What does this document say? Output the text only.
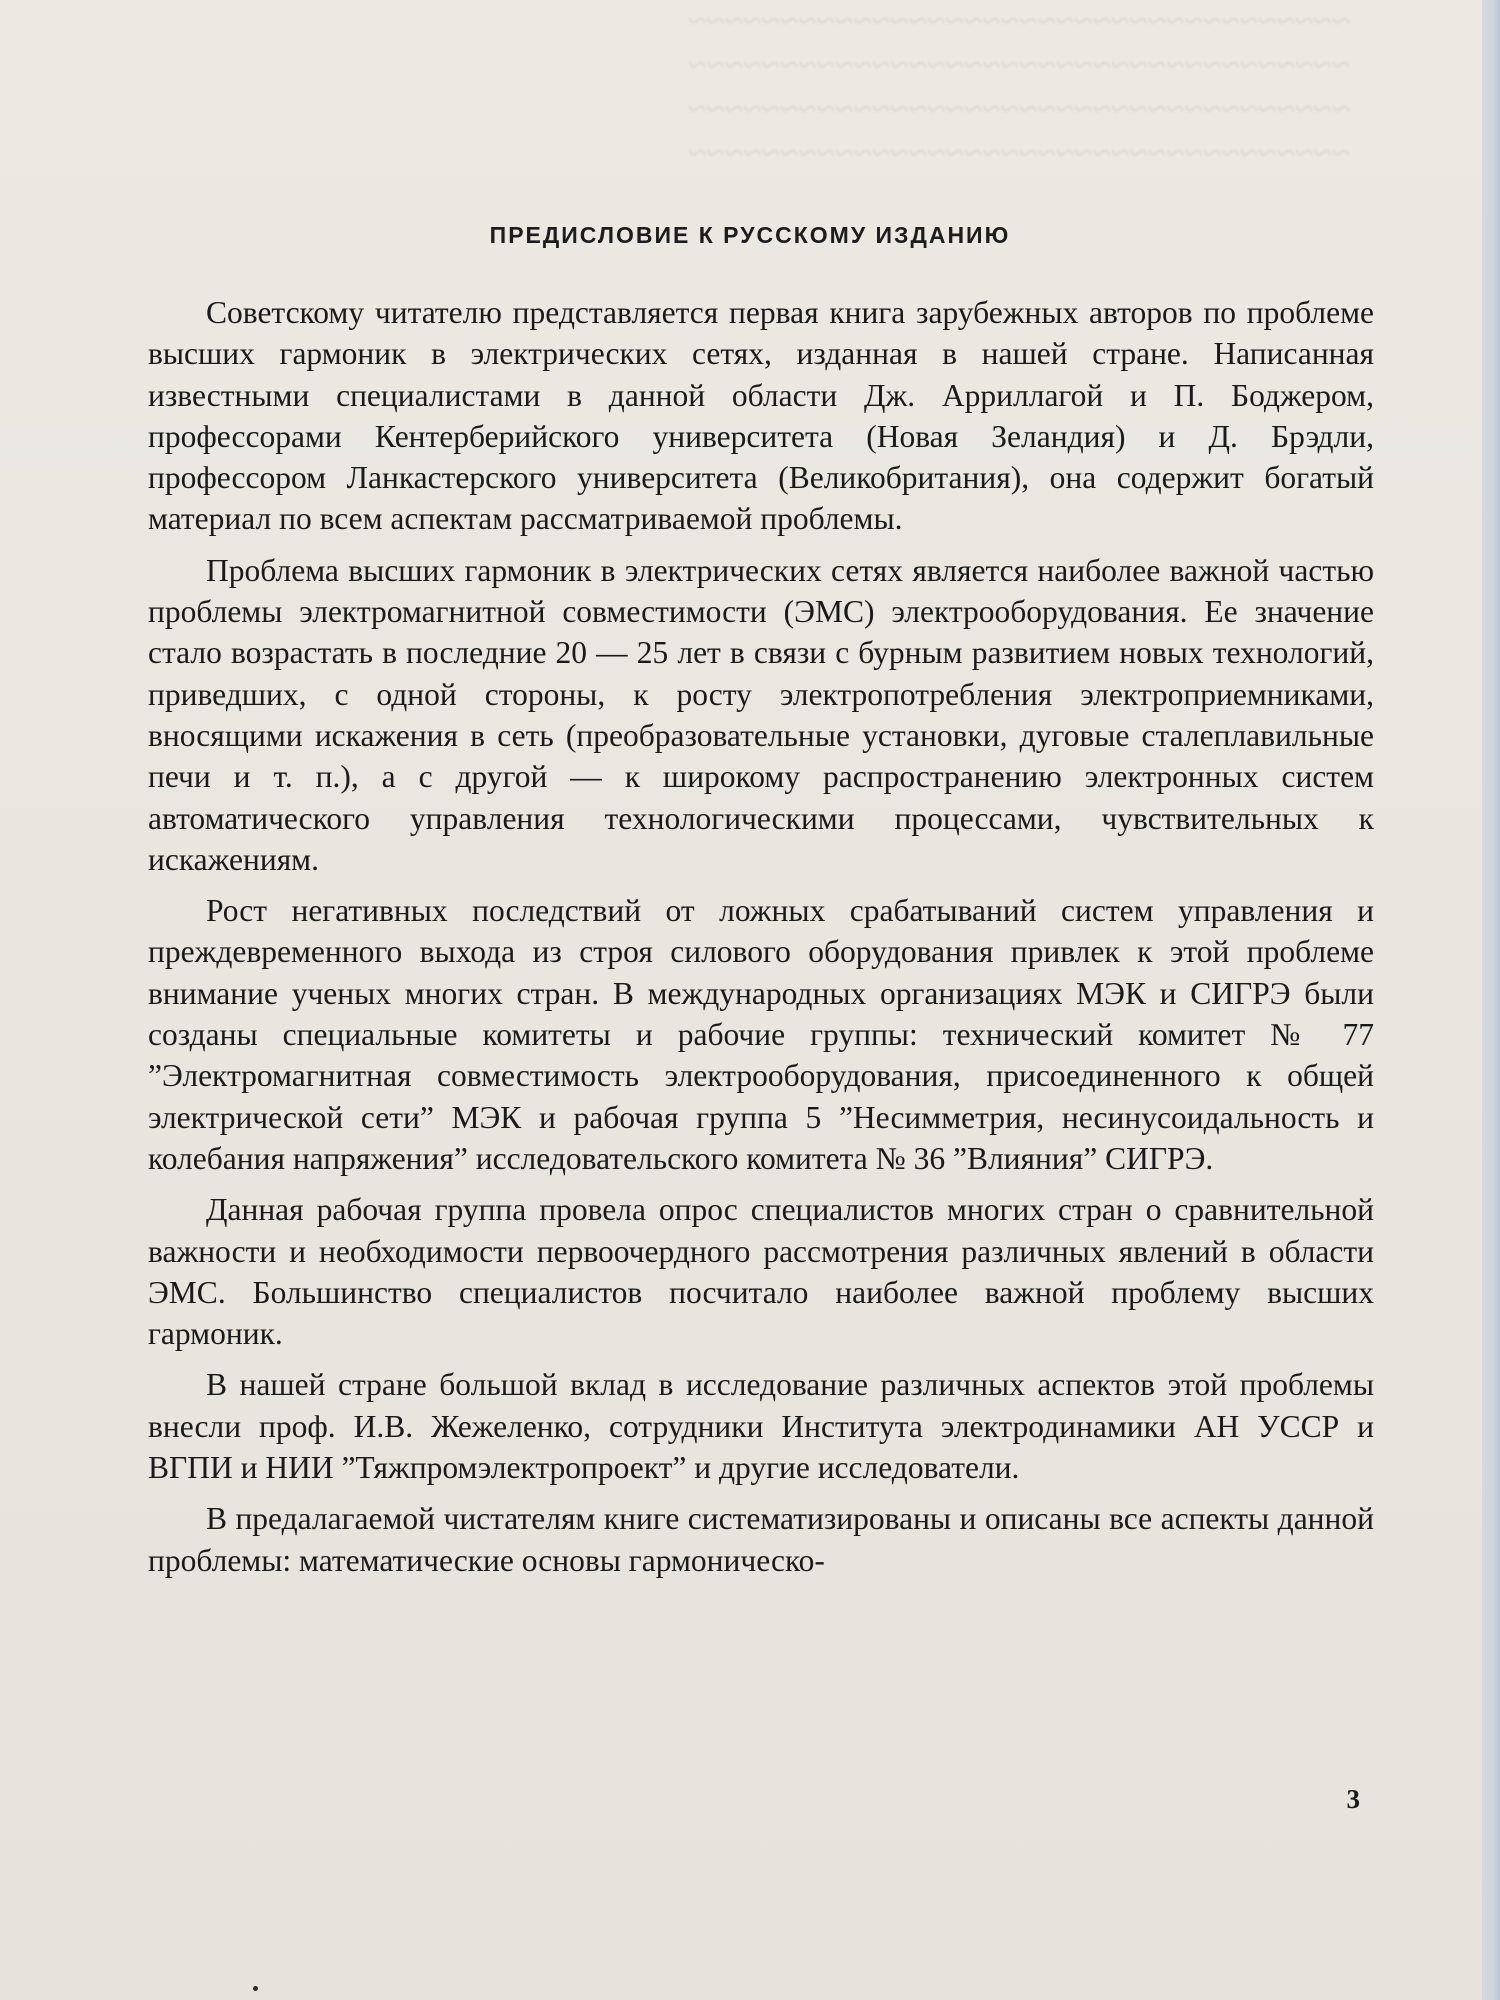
~~~~~~~~~~~~~~~~~~~~~~~~~~~~~~~~~~~~
~~~~~~~~~~~~~~~~~~~~~~~~~~~~~~~~~~~~
~~~~~~~~~~~~~~~~~~~~~~~~~~~~~~~~~~~~
~~~~~~~~~~~~~~~~~~~~~~~~~~~~~~~~~~~~
ПРЕДИСЛОВИЕ К РУССКОМУ ИЗДАНИЮ

Советскому читателю представляется первая книга зарубежных авторов по проблеме высших гармоник в электрических сетях, изданная в нашей стране. Написанная известными специалистами в данной области Дж. Арриллагой и П. Боджером, профессорами Кентерберийского университета (Новая Зеландия) и Д. Брэдли, профессором Ланкастерского университета (Великобритания), она содержит богатый материал по всем аспектам рассматриваемой проблемы.

Проблема высших гармоник в электрических сетях является наиболее важной частью проблемы электромагнитной совместимости (ЭМС) электрооборудования. Ее значение стало возрастать в последние 20 — 25 лет в связи с бурным развитием новых технологий, приведших, с одной стороны, к росту электропотребления электроприемниками, вносящими искажения в сеть (преобразовательные установки, дуговые сталеплавильные печи и т. п.), а с другой — к широкому распространению электронных систем автоматического управления технологическими процессами, чувствительных к искажениям.

Рост негативных последствий от ложных срабатываний систем управления и преждевременного выхода из строя силового оборудования привлек к этой проблеме внимание ученых многих стран. В международных организациях МЭК и СИГРЭ были созданы специальные комитеты и рабочие группы: технический комитет № 77 ”Электромагнитная совместимость электрооборудования, присоединенного к общей электрической сети” МЭК и рабочая группа 5 ”Несимметрия, несинусоидальность и колебания напряжения” исследовательского комитета № 36 ”Влияния” СИГРЭ.

Данная рабочая группа провела опрос специалистов многих стран о сравнительной важности и необходимости первоочердного рассмотрения различных явлений в области ЭМС. Большинство специалистов посчитало наиболее важной проблему высших гармоник.

В нашей стране большой вклад в исследование различных аспектов этой проблемы внесли проф. И.В. Жежеленко, сотрудники Института электродинамики АН УССР и ВГПИ и НИИ ”Тяжпромэлектропроект” и другие исследователи.

В предалагаемой чистателям книге систематизированы и описаны все аспекты данной проблемы: математические основы гармоническо-

3
